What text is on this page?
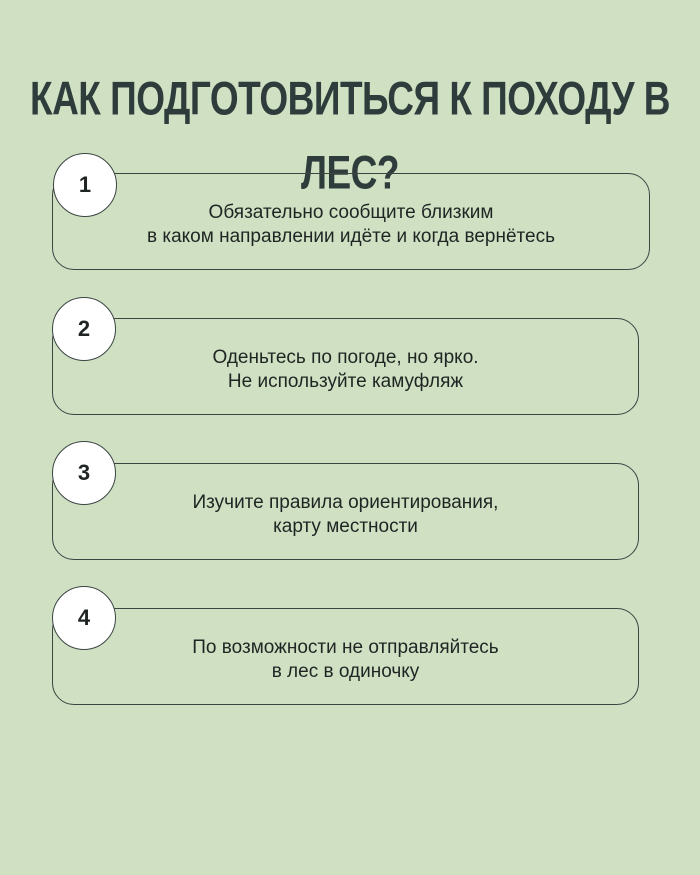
КАК ПОДГОТОВИТЬСЯ К ПОХОДУ В ЛЕС?
Обязательно сообщите близким
в каком направлении идёте и когда вернётесь
1
Оденьтесь по погоде, но ярко.
Не используйте камуфляж
2
Изучите правила ориентирования,
карту местности
3
По возможности не отправляйтесь
в лес в одиночку
4
